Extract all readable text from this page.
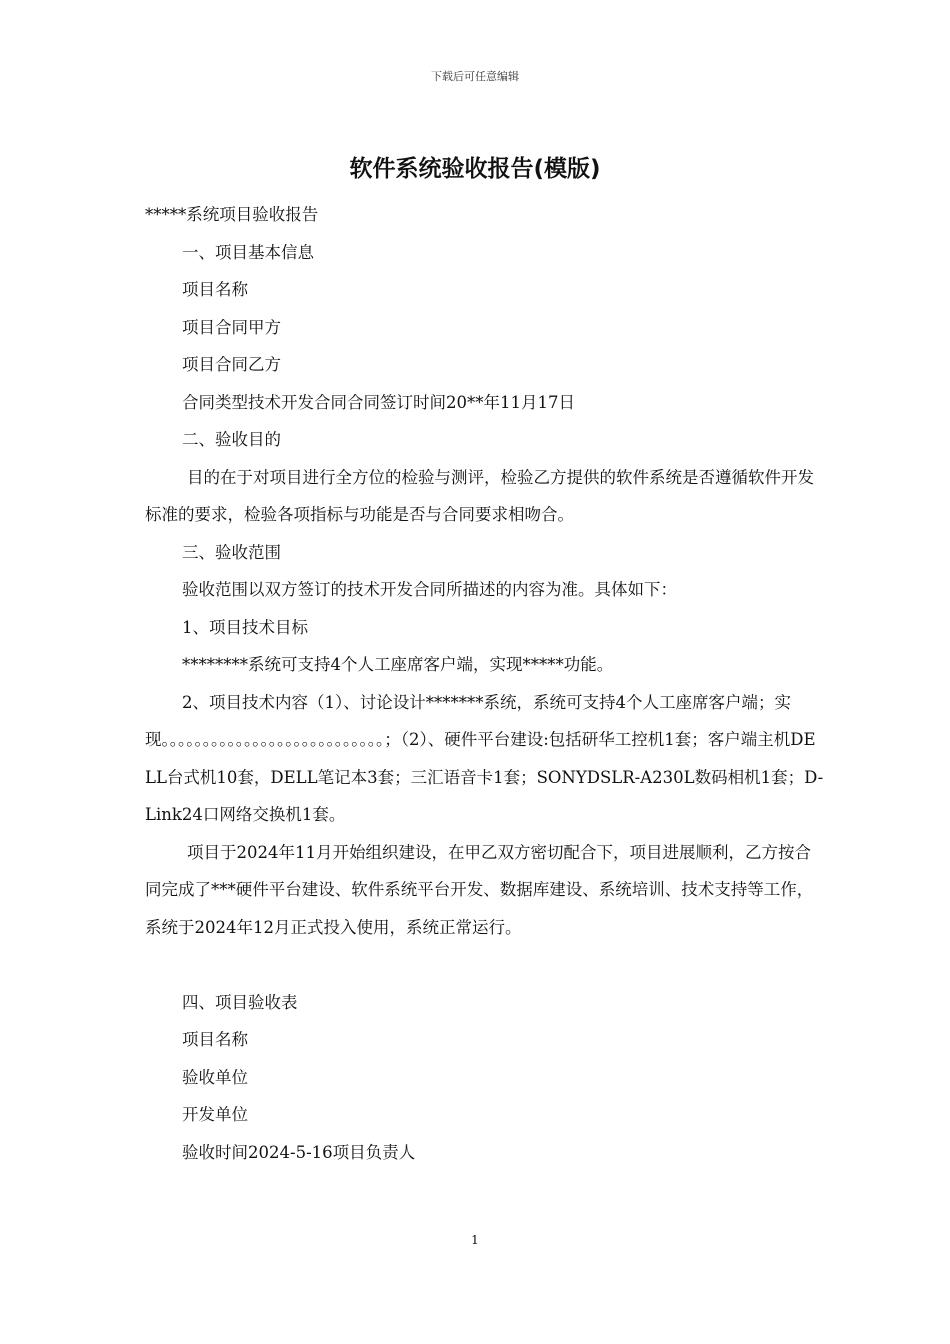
下载后可任意编辑
软件系统验收报告(模版)

*****系统项目验收报告

一、项目基本信息

项目名称

项目合同甲方

项目合同乙方

合同类型技术开发合同合同签订时间20**年11月17日

二、验收目的

目的在于对项目进行全方位的检验与测评，检验乙方提供的软件系统是否遵循软件开发标准的要求，检验各项指标与功能是否与合同要求相吻合。

三、验收范围

验收范围以双方签订的技术开发合同所描述的内容为准。具体如下：

1、项目技术目标

********系统可支持4个人工座席客户端，实现*****功能。

2、项目技术内容（1）、讨论设计*******系统，系统可支持4个人工座席客户端；实现。。。。。。。。。。。。。。。。。。。。。。。。。。。；（2）、硬件平台建设:包括研华工控机1套；客户端主机DELL台式机10套，DELL笔记本3套；三汇语音卡1套；SONYDSLR-A230L数码相机1套；D-Link24口网络交换机1套。

项目于2024年11月开始组织建设，在甲乙双方密切配合下，项目进展顺利，乙方按合同完成了***硬件平台建设、软件系统平台开发、数据库建设、系统培训、技术支持等工作，系统于2024年12月正式投入使用，系统正常运行。

四、项目验收表

项目名称

验收单位

开发单位

验收时间2024-5-16项目负责人

1
